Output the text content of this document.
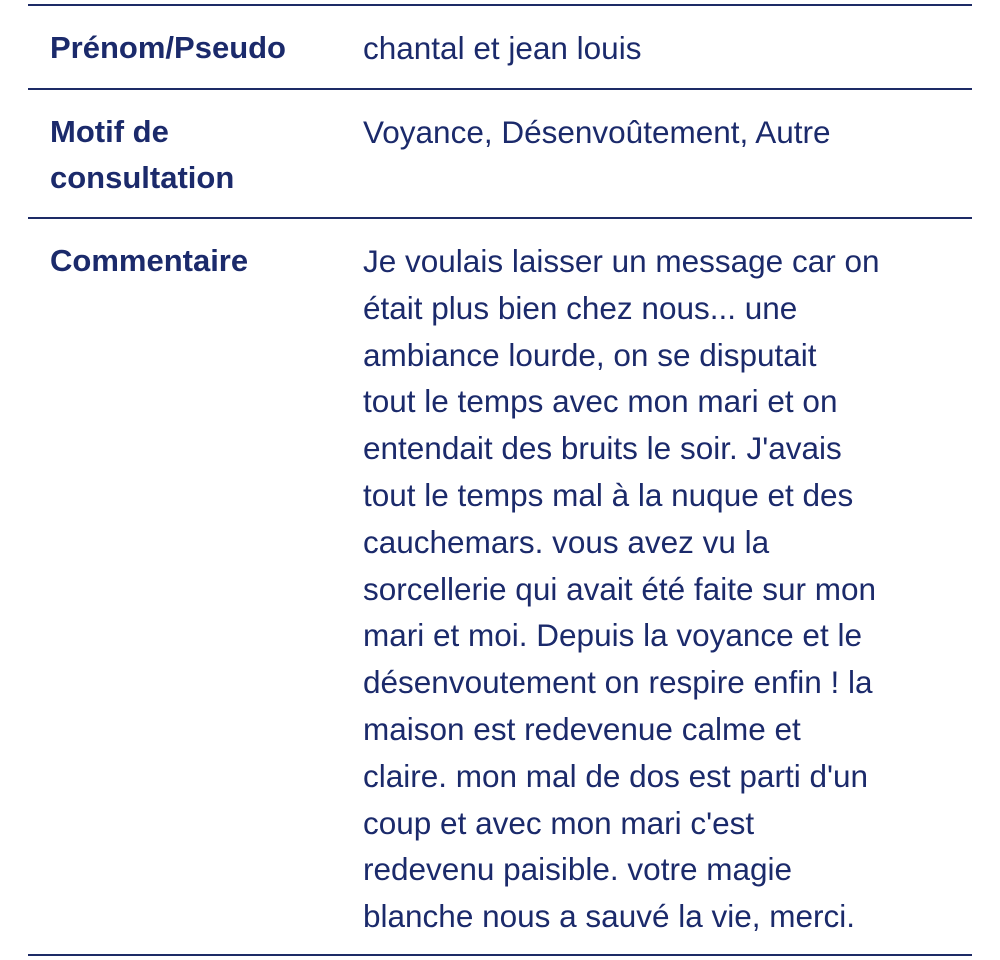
Prénom/Pseudo	chantal et jean louis
Motif de
consultation
Voyance, Désenvoûtement, Autre
Commentaire	Je voulais laisser un message car on
était plus bien chez nous... une
ambiance lourde, on se disputait
tout le temps avec mon mari et on
entendait des bruits le soir. J'avais
tout le temps mal à la nuque et des
cauchemars. vous avez vu la
sorcellerie qui avait été faite sur mon
mari et moi. Depuis la voyance et le
désenvoutement on respire enfin ! la
maison est redevenue calme et
claire. mon mal de dos est parti d'un
coup et avec mon mari c'est
redevenu paisible. votre magie
blanche nous a sauvé la vie, merci.
